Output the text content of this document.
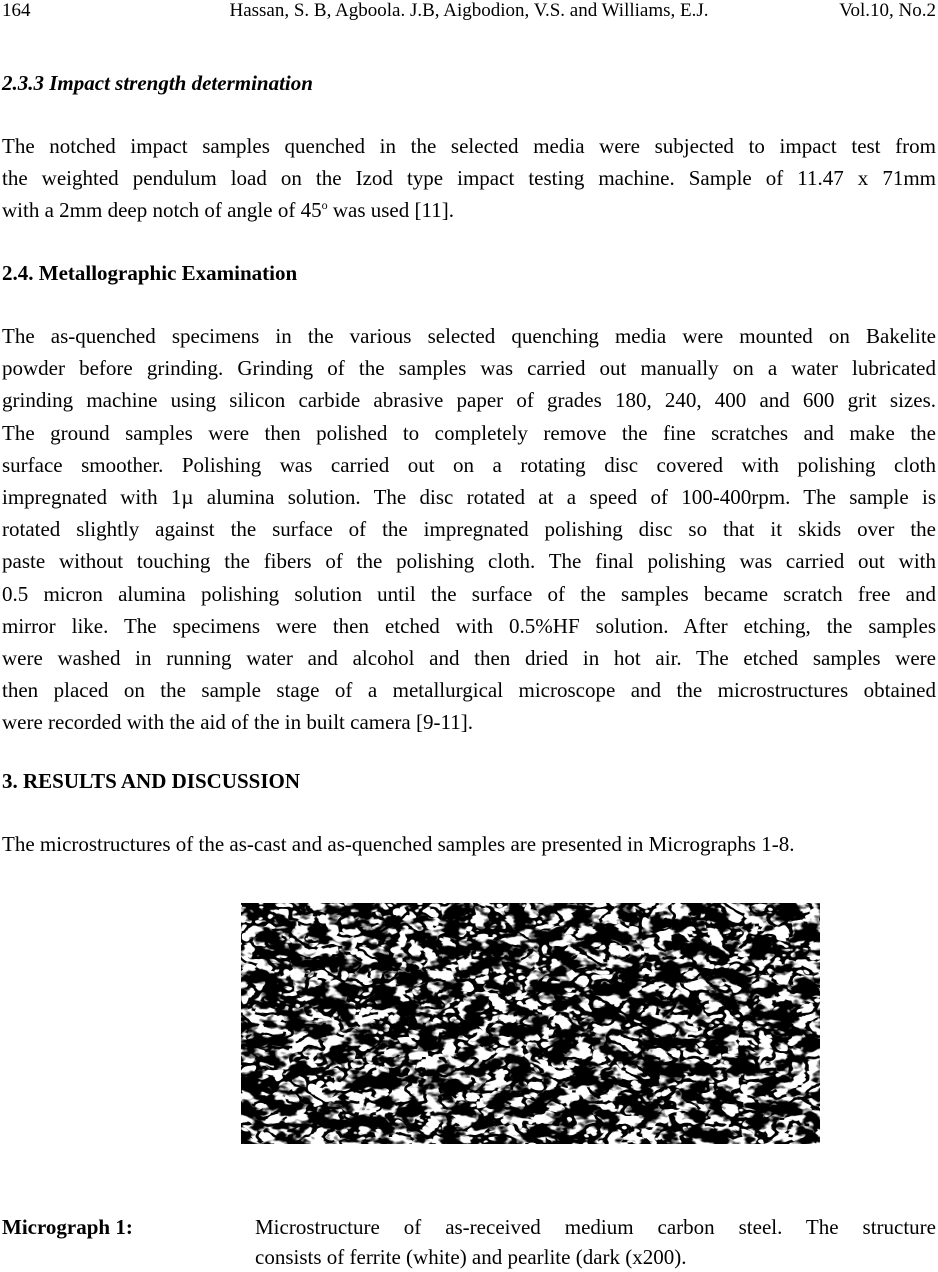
164	Hassan, S. B, Agboola. J.B, Aigbodion, V.S. and Williams, E.J.	Vol.10, No.2
2.3.3 Impact strength determination
The notched impact samples quenched in the selected media were subjected to impact test from
the weighted pendulum load on the Izod type impact testing machine. Sample of 11.47 x 71mm
with a 2mm deep notch of angle of 45$^o$ was used [11].
2.4. Metallographic Examination
The as-quenched specimens in the various selected quenching media were mounted on Bakelite
powder before grinding. Grinding of the samples was carried out manually on a water lubricated
grinding machine using silicon carbide abrasive paper of grades 180, 240, 400 and 600 grit sizes.
The ground samples were then polished to completely remove the fine scratches and make the
surface smoother. Polishing was carried out on a rotating disc covered with polishing cloth
impregnated with 1µ alumina solution. The disc rotated at a speed of 100-400rpm. The sample is
rotated slightly against the surface of the impregnated polishing disc so that it skids over the
paste without touching the fibers of the polishing cloth. The final polishing was carried out with
0.5 micron alumina polishing solution until the surface of the samples became scratch free and
mirror like. The specimens were then etched with 0.5%HF solution. After etching, the samples
were washed in running water and alcohol and then dried in hot air. The etched samples were
then placed on the sample stage of a metallurgical microscope and the microstructures obtained
were recorded with the aid of the in built camera [9-11].
3. RESULTS AND DISCUSSION
The microstructures of the as-cast and as-quenched samples are presented in Micrographs 1-8.
Micrograph 1:	Microstructure of as-received medium carbon steel. The structure
consists of ferrite (white) and pearlite (dark (x200).
